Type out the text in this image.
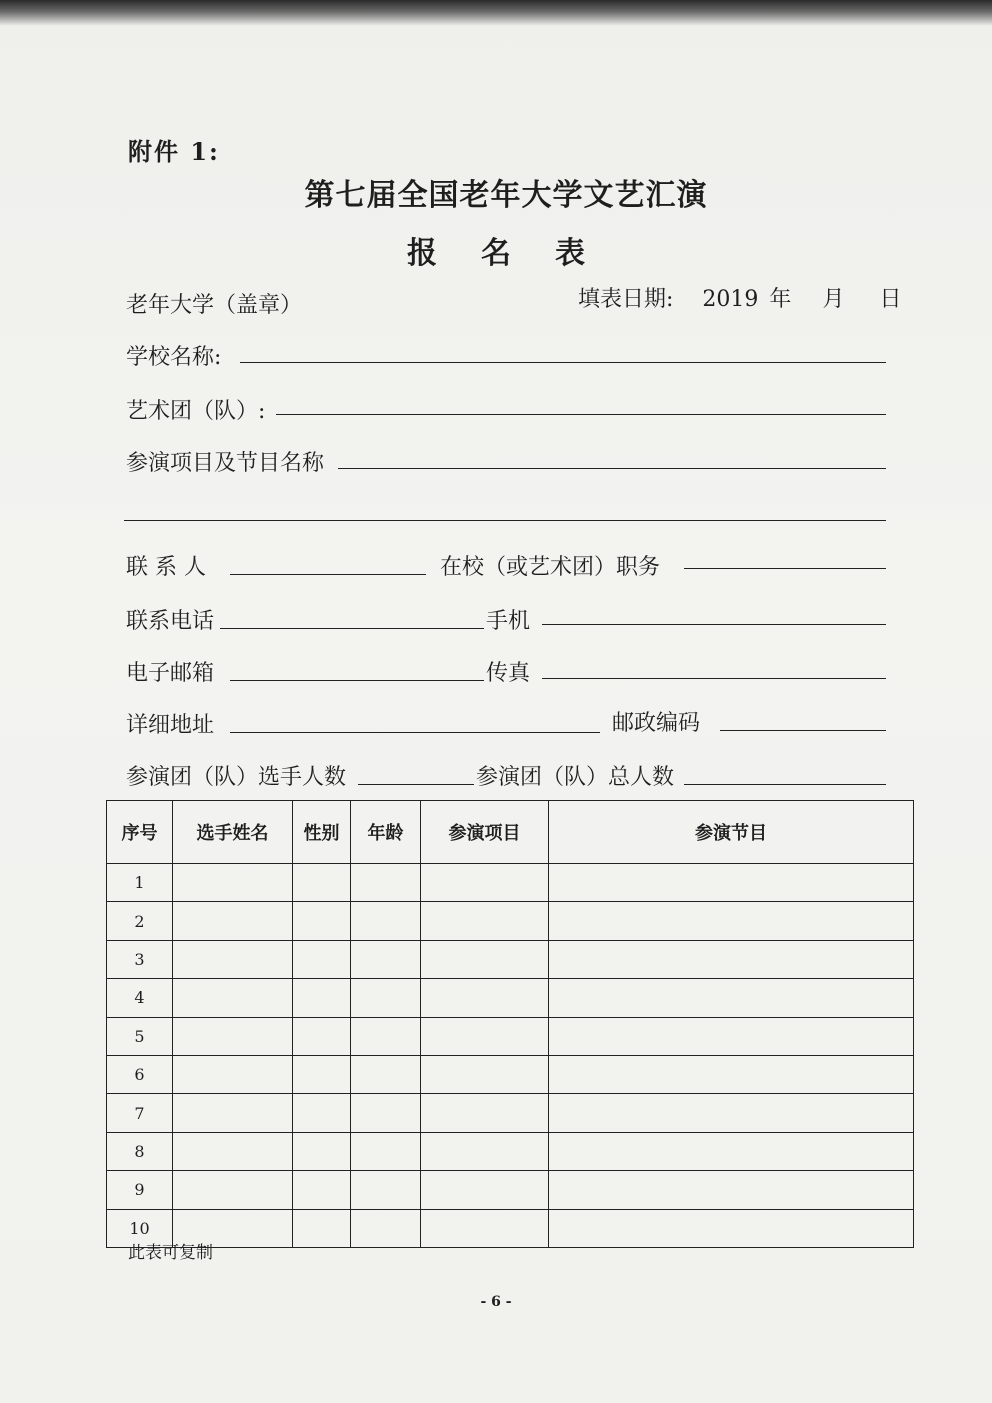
附件 1:
第七届全国老年大学文艺汇演
报名表
老年大学（盖章）	填表日期: 2019 年 月 日
学校名称:
艺术团（队）:
参演项目及节目名称
联 系 人	在校（或艺术团）职务
联系电话	手机
电子邮箱	传真
详细地址	邮政编码
参演团（队）选手人数	参演团（队）总人数
序号	选手姓名	性别	年龄	参演项目	参演节目
1					
2					
3					
4					
5					
6					
7					
8					
9					
10					
此表可复制
- 6 -
